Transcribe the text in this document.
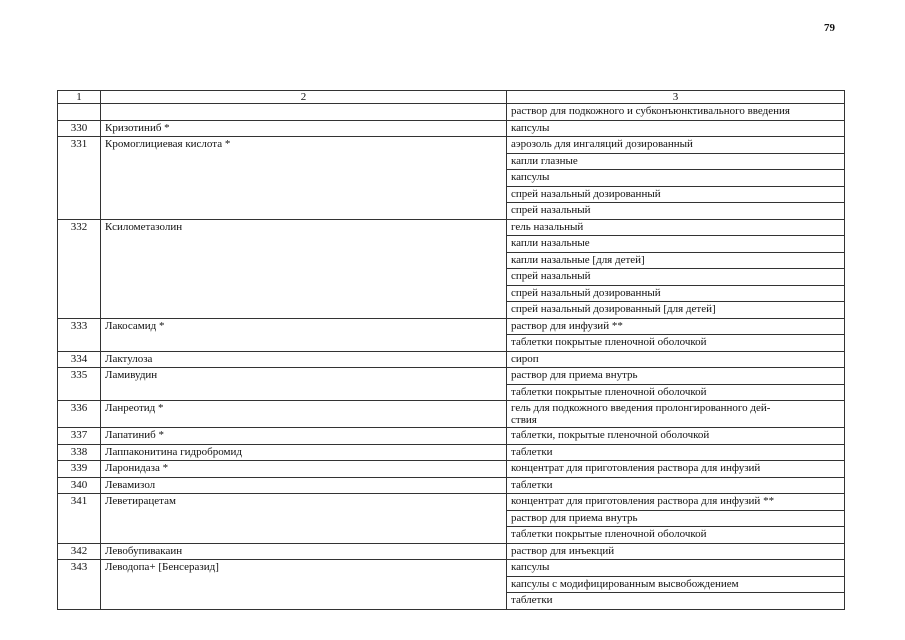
79
1	2	3
		раствор для подкожного и субконъюнктивального введения
330	Кризотиниб *	капсулы
331	Кромоглициевая кислота *	аэрозоль для ингаляций дозированный
		капли глазные
		капсулы
		спрей назальный дозированный
		спрей назальный
332	Ксилометазолин	гель назальный
		капли назальные
		капли назальные [для детей]
		спрей назальный
		спрей назальный дозированный
		спрей назальный дозированный [для детей]
333	Лакосамид *	раствор для инфузий **
		таблетки покрытые пленочной оболочкой
334	Лактулоза	сироп
335	Ламивудин	раствор для приема внутрь
		таблетки покрытые пленочной оболочкой
336	Ланреотид *	гель для подкожного введения пролонгированного дей-
ствия
337	Лапатиниб *	таблетки, покрытые пленочной оболочкой
338	Лаппаконитина гидробромид	таблетки
339	Ларонидаза *	концентрат для приготовления раствора для инфузий
340	Левамизол	таблетки
341	Леветирацетам	концентрат для приготовления раствора для инфузий **
		раствор для приема внутрь
		таблетки покрытые пленочной оболочкой
342	Левобупивакаин	раствор для инъекций
343	Леводопа+ [Бенсеразид]	капсулы
		капсулы с модифицированным высвобождением
		таблетки
